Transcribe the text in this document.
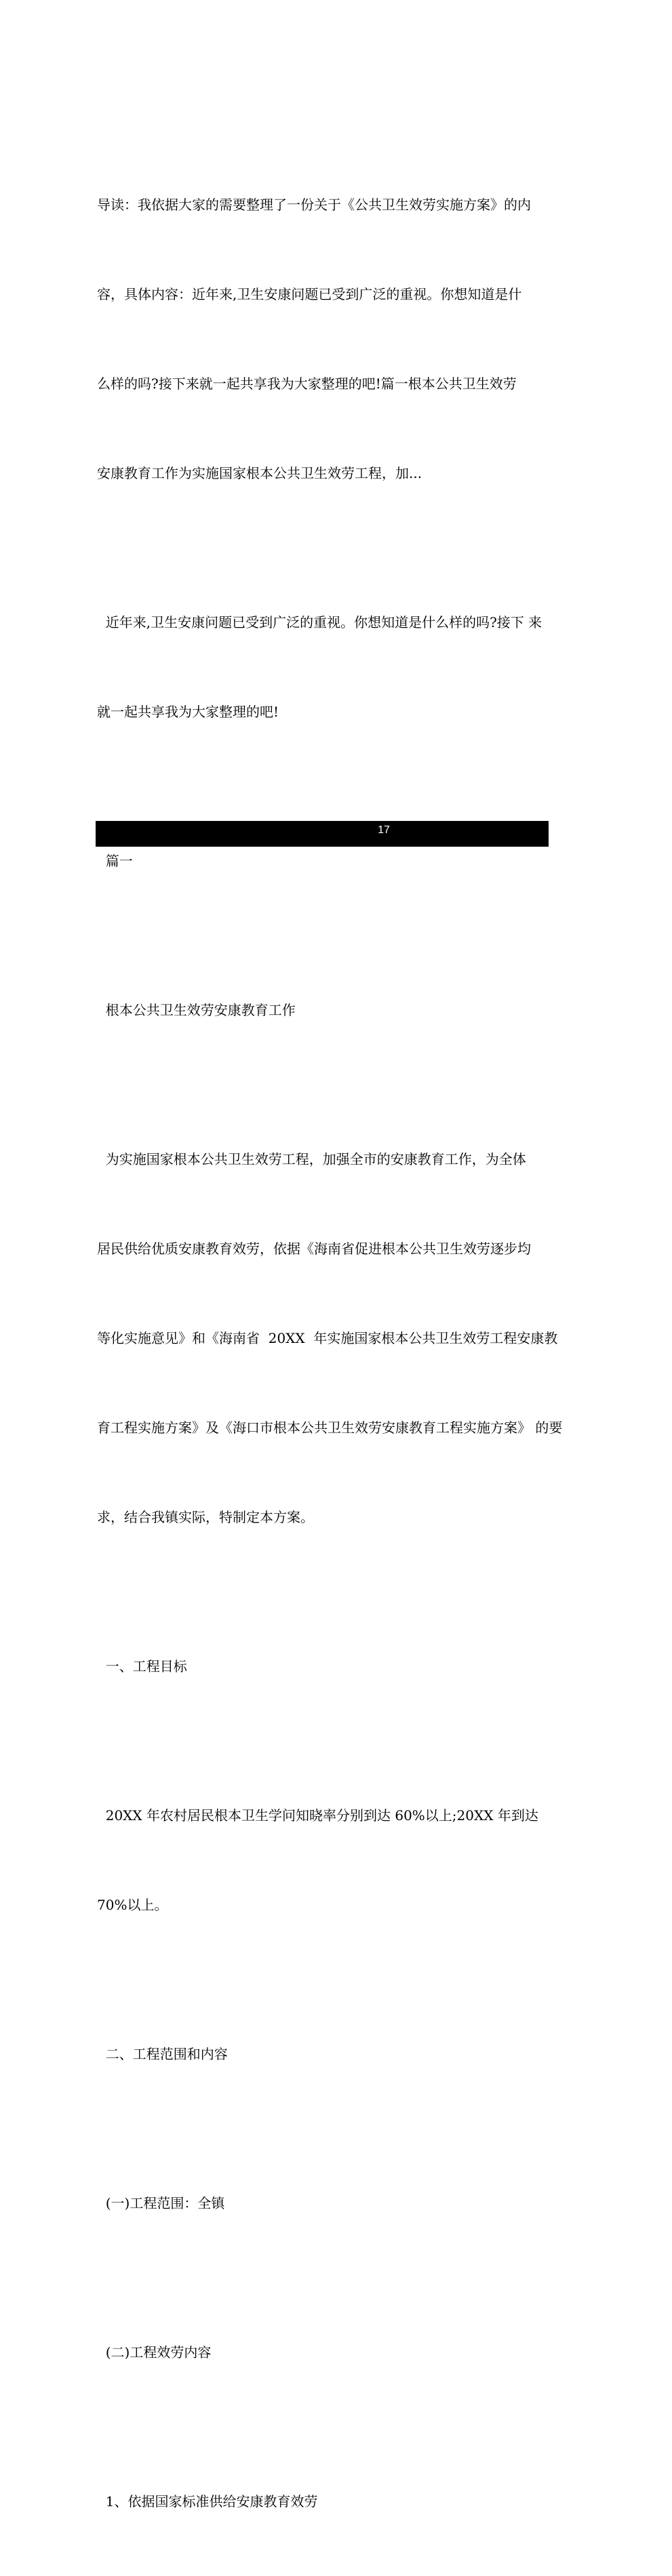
导读：我依据大家的需要整理了一份关于《公共卫生效劳实施方案》的内

容，具体内容：近年来,卫生安康问题已受到广泛的重视。你想知道是什

么样的吗?接下来就一起共享我为大家整理的吧!篇一根本公共卫生效劳

安康教育工作为实施国家根本公共卫生效劳工程，加...

近年来,卫生安康问题已受到广泛的重视。你想知道是什么样的吗?接下 来

就一起共享我为大家整理的吧!

篇一

根本公共卫生效劳安康教育工作

为实施国家根本公共卫生效劳工程，加强全市的安康教育工作，为全体

居民供给优质安康教育效劳，依据《海南省促进根本公共卫生效劳逐步均

等化实施意见》和《海南省  20XX  年实施国家根本公共卫生效劳工程安康教

育工程实施方案》及《海口市根本公共卫生效劳安康教育工程实施方案》 的要

求，结合我镇实际，特制定本方案。

一、工程目标

20XX 年农村居民根本卫生学问知晓率分别到达 60%以上;20XX 年到达

70%以上。

二、工程范围和内容

(一)工程范围：全镇

(二)工程效劳内容

1、依据国家标准供给安康教育效劳

17
